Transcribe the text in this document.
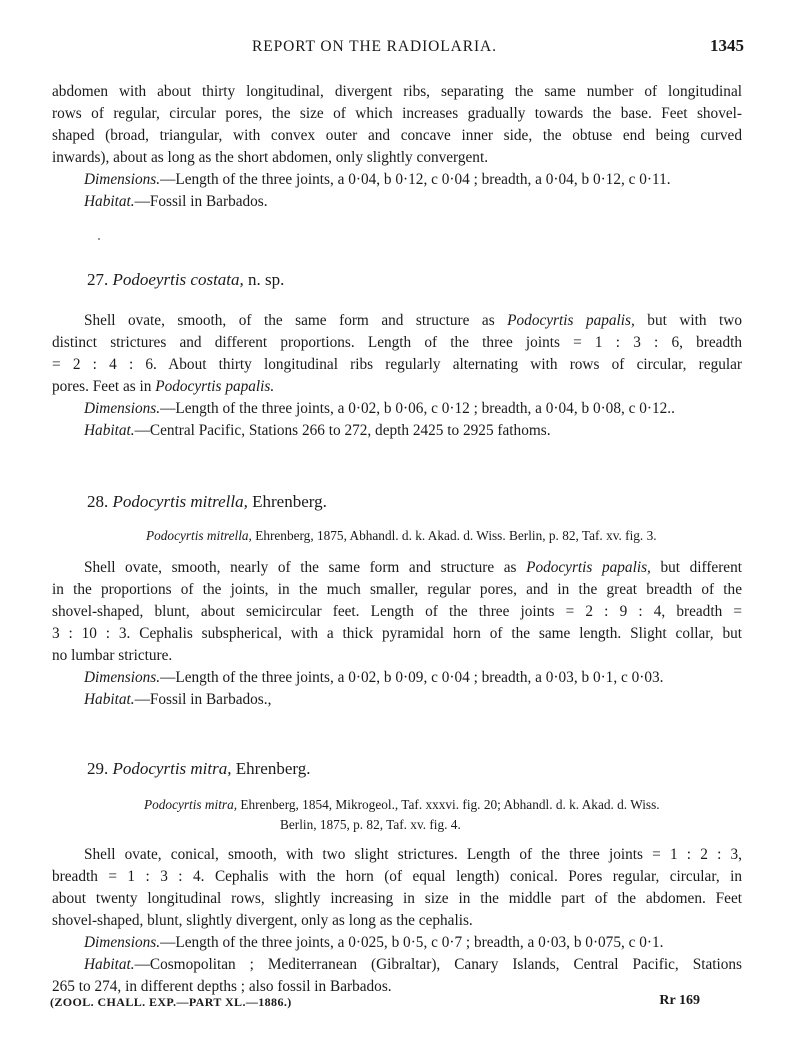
REPORT ON THE RADIOLARIA.	1345
abdomen with about thirty longitudinal, divergent ribs, separating the same number of longitudinal
rows of regular, circular pores, the size of which increases gradually towards the base. Feet shovel-
shaped (broad, triangular, with convex outer and concave inner side, the obtuse end being curved
inwards), about as long as the short abdomen, only slightly convergent.
Dimensions.—Length of the three joints, a 0·04, b 0·12, c 0·04 ; breadth, a 0·04, b 0·12, c 0·11.
Habitat.—Fossil in Barbados.
27. Podoeyrtis costata, n. sp.
Shell ovate, smooth, of the same form and structure as Podocyrtis papalis, but with two
distinct strictures and different proportions. Length of the three joints = 1 : 3 : 6, breadth
= 2 : 4 : 6. About thirty longitudinal ribs regularly alternating with rows of circular, regular
pores. Feet as in Podocyrtis papalis.
Dimensions.—Length of the three joints, a 0·02, b 0·06, c 0·12 ; breadth, a 0·04, b 0·08, c 0·12..
Habitat.—Central Pacific, Stations 266 to 272, depth 2425 to 2925 fathoms.
28. Podocyrtis mitrella, Ehrenberg.
Podocyrtis mitrella, Ehrenberg, 1875, Abhandl. d. k. Akad. d. Wiss. Berlin, p. 82, Taf. xv. fig. 3.
Shell ovate, smooth, nearly of the same form and structure as Podocyrtis papalis, but different
in the proportions of the joints, in the much smaller, regular pores, and in the great breadth of the
shovel-shaped, blunt, about semicircular feet. Length of the three joints = 2 : 9 : 4, breadth =
3 : 10 : 3. Cephalis subspherical, with a thick pyramidal horn of the same length. Slight collar, but
no lumbar stricture.
Dimensions.—Length of the three joints, a 0·02, b 0·09, c 0·04 ; breadth, a 0·03, b 0·1, c 0·03.
Habitat.—Fossil in Barbados.,
29. Podocyrtis mitra, Ehrenberg.
Podocyrtis mitra, Ehrenberg, 1854, Mikrogeol., Taf. xxxvi. fig. 20; Abhandl. d. k. Akad. d. Wiss.
Berlin, 1875, p. 82, Taf. xv. fig. 4.
Shell ovate, conical, smooth, with two slight strictures. Length of the three joints = 1 : 2 : 3,
breadth = 1 : 3 : 4. Cephalis with the horn (of equal length) conical. Pores regular, circular, in
about twenty longitudinal rows, slightly increasing in size in the middle part of the abdomen. Feet
shovel-shaped, blunt, slightly divergent, only as long as the cephalis.
Dimensions.—Length of the three joints, a 0·025, b 0·5, c 0·7 ; breadth, a 0·03, b 0·075, c 0·1.
Habitat.—Cosmopolitan ; Mediterranean (Gibraltar), Canary Islands, Central Pacific, Stations
265 to 274, in different depths ; also fossil in Barbados.
(ZOOL. CHALL. EXP.—PART XL.—1886.)	Rr 169
